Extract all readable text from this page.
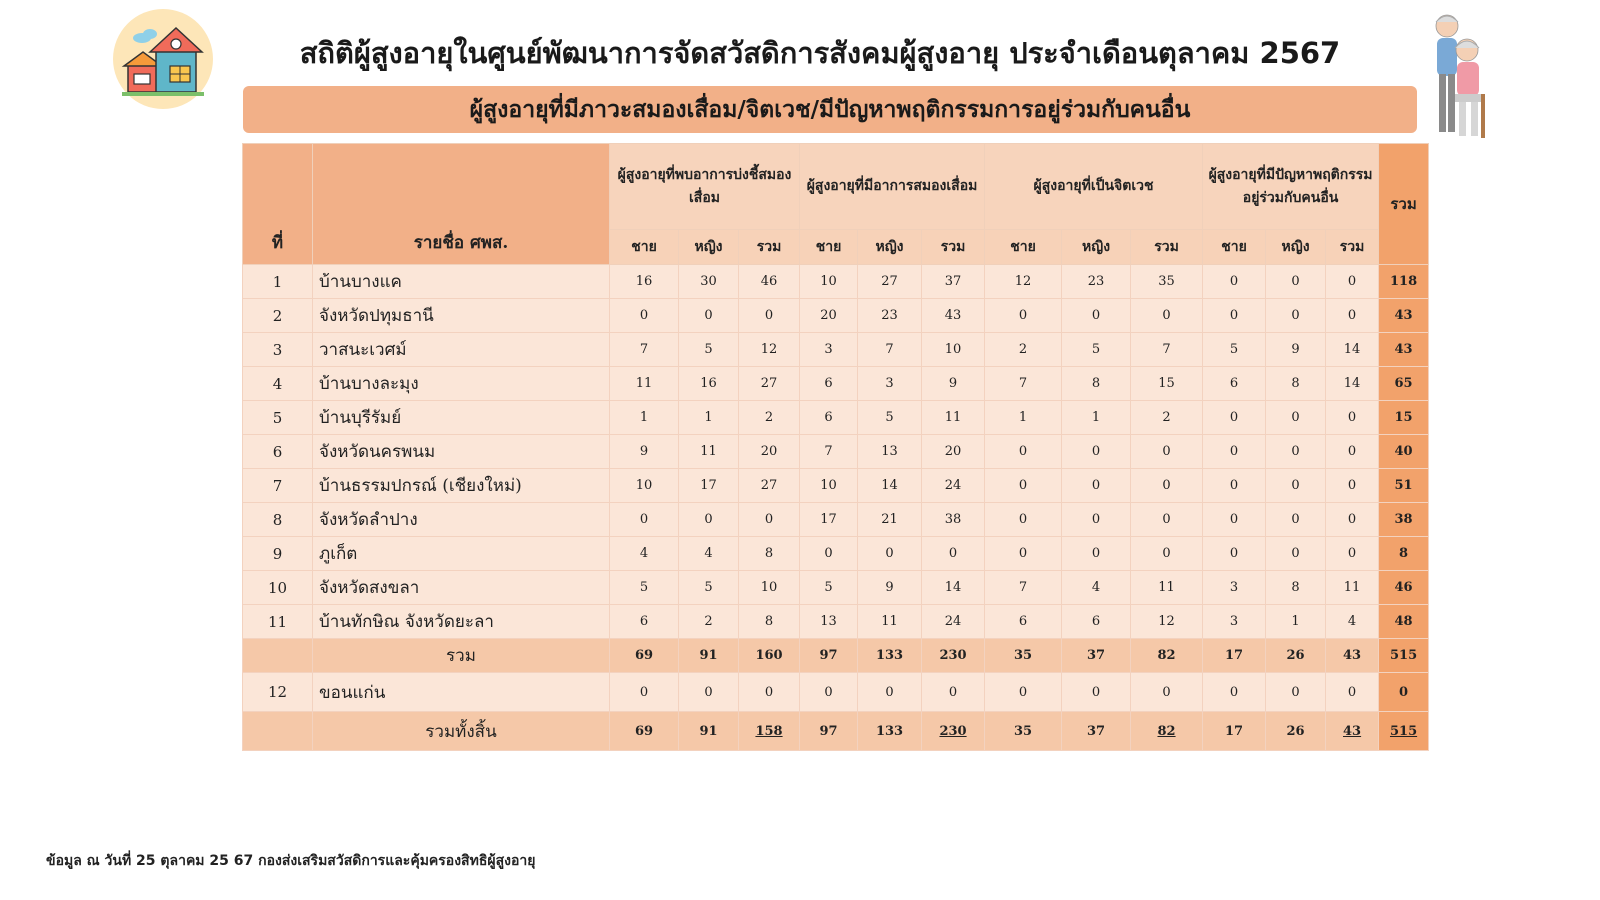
สถิติผู้สูงอายุในศูนย์พัฒนาการจัดสวัสดิการสังคมผู้สูงอายุ ประจำเดือนตุลาคม 2567
ผู้สูงอายุที่มีภาวะสมองเสื่อม/จิตเวช/มีปัญหาพฤติกรรมการอยู่ร่วมกับคนอื่น
ที่	รายชื่อ ศพส.	ผู้สูงอายุที่พบอาการบ่งชี้สมองเสื่อม			ผู้สูงอายุที่มีอาการสมองเสื่อม			ผู้สูงอายุที่เป็นจิตเวช			ผู้สูงอายุที่มีปัญหาพฤติกรรมอยู่ร่วมกับคนอื่น			รวม
		ชาย	หญิง	รวม	ชาย	หญิง	รวม	ชาย	หญิง	รวม	ชาย	หญิง	รวม	
1	บ้านบางแค	16	30	46	10	27	37	12	23	35	0	0	0	118
2	จังหวัดปทุมธานี	0	0	0	20	23	43	0	0	0	0	0	0	43
3	วาสนะเวศม์	7	5	12	3	7	10	2	5	7	5	9	14	43
4	บ้านบางละมุง	11	16	27	6	3	9	7	8	15	6	8	14	65
5	บ้านบุรีรัมย์	1	1	2	6	5	11	1	1	2	0	0	0	15
6	จังหวัดนครพนม	9	11	20	7	13	20	0	0	0	0	0	0	40
7	บ้านธรรมปกรณ์ (เชียงใหม่)	10	17	27	10	14	24	0	0	0	0	0	0	51
8	จังหวัดลำปาง	0	0	0	17	21	38	0	0	0	0	0	0	38
9	ภูเก็ต	4	4	8	0	0	0	0	0	0	0	0	0	8
10	จังหวัดสงขลา	5	5	10	5	9	14	7	4	11	3	8	11	46
11	บ้านทักษิณ จังหวัดยะลา	6	2	8	13	11	24	6	6	12	3	1	4	48
	รวม	69	91	160	97	133	230	35	37	82	17	26	43	515
12	ขอนแก่น	0	0	0	0	0	0	0	0	0	0	0	0	0
	รวมทั้งสิ้น	69	91	158	97	133	230	35	37	82	17	26	43	515
ข้อมูล ณ วันที่ 25 ตุลาคม 25 67 กองส่งเสริมสวัสดิการและคุ้มครองสิทธิผู้สูงอายุ
